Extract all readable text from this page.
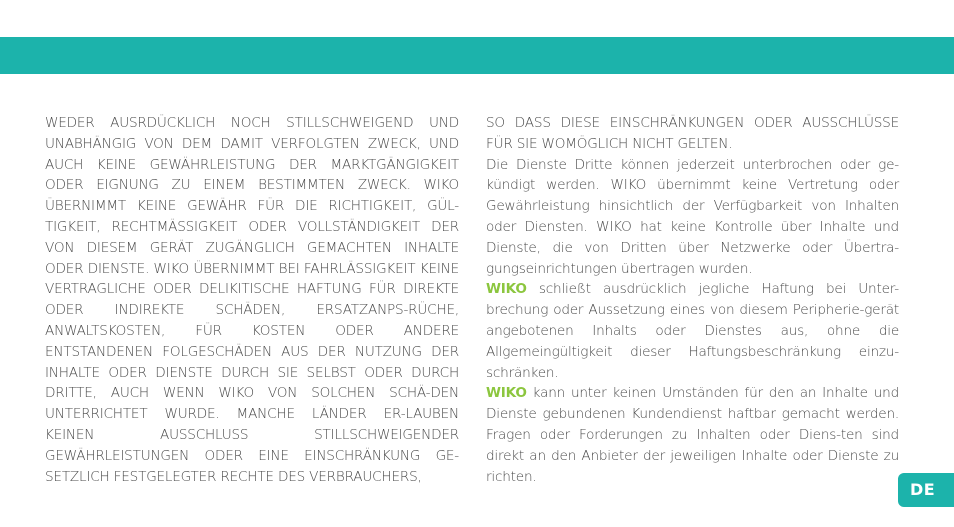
WEDER AUSRDÜCKLICH NOCH STILLSCHWEIGEND UND UNABHÄNGIG VON DEM DAMIT VERFOLGTEN ZWECK, UND AUCH KEINE GEWÄHRLEISTUNG DER MARKTGÄNGIGKEIT ODER EIGNUNG ZU EINEM BESTIMMTEN ZWECK. WIKO ÜBERNIMMT KEINE GEWÄHR FÜR DIE RICHTIGKEIT, GÜL-TIGKEIT, RECHTMÄSSIGKEIT ODER VOLLSTÄNDIGKEIT DER VON DIESEM GERÄT ZUGÄNGLICH GEMACHTEN INHALTE ODER DIENSTE. WIKO ÜBERNIMMT BEI FAHRLÄSSIGKEIT KEINE VERTRAGLICHE ODER DELIKITISCHE HAFTUNG FÜR DIREKTE ODER INDIREKTE SCHÄDEN, ERSATZANPS-RÜCHE, ANWALTSKOSTEN, FÜR KOSTEN ODER ANDERE ENTSTANDENEN FOLGESCHÄDEN AUS DER NUTZUNG DER INHALTE ODER DIENSTE DURCH SIE SELBST ODER DURCH DRITTE, AUCH WENN WIKO VON SOLCHEN SCHÄ-DEN UNTERRICHTET WURDE. MANCHE LÄNDER ER-LAUBEN KEINEN AUSSCHLUSS STILLSCHWEIGENDER GEWÄHRLEISTUNGEN ODER EINE EINSCHRÄNKUNG GE-SETZLICH FESTGELEGTER RECHTE DES VERBRAUCHERS,

SO DASS DIESE EINSCHRÄNKUNGEN ODER AUSSCHLÜSSE FÜR SIE WOMÖGLICH NICHT GELTEN.

Die Dienste Dritte können jederzeit unterbrochen oder ge-kündigt werden. WIKO übernimmt keine Vertretung oder Gewährleistung hinsichtlich der Verfügbarkeit von Inhalten oder Diensten. WIKO hat keine Kontrolle über Inhalte und Dienste, die von Dritten über Netzwerke oder Übertra-gungseinrichtungen übertragen wurden.

WIKO schließt ausdrücklich jegliche Haftung bei Unter-brechung oder Aussetzung eines von diesem Peripherie-gerät angebotenen Inhalts oder Dienstes aus, ohne die Allgemeingültigkeit dieser Haftungsbeschränkung einzu-schränken.

WIKO kann unter keinen Umständen für den an Inhalte und Dienste gebundenen Kundendienst haftbar gemacht werden. Fragen oder Forderungen zu Inhalten oder Diens-ten sind direkt an den Anbieter der jeweiligen Inhalte oder Dienste zu richten.

DE
